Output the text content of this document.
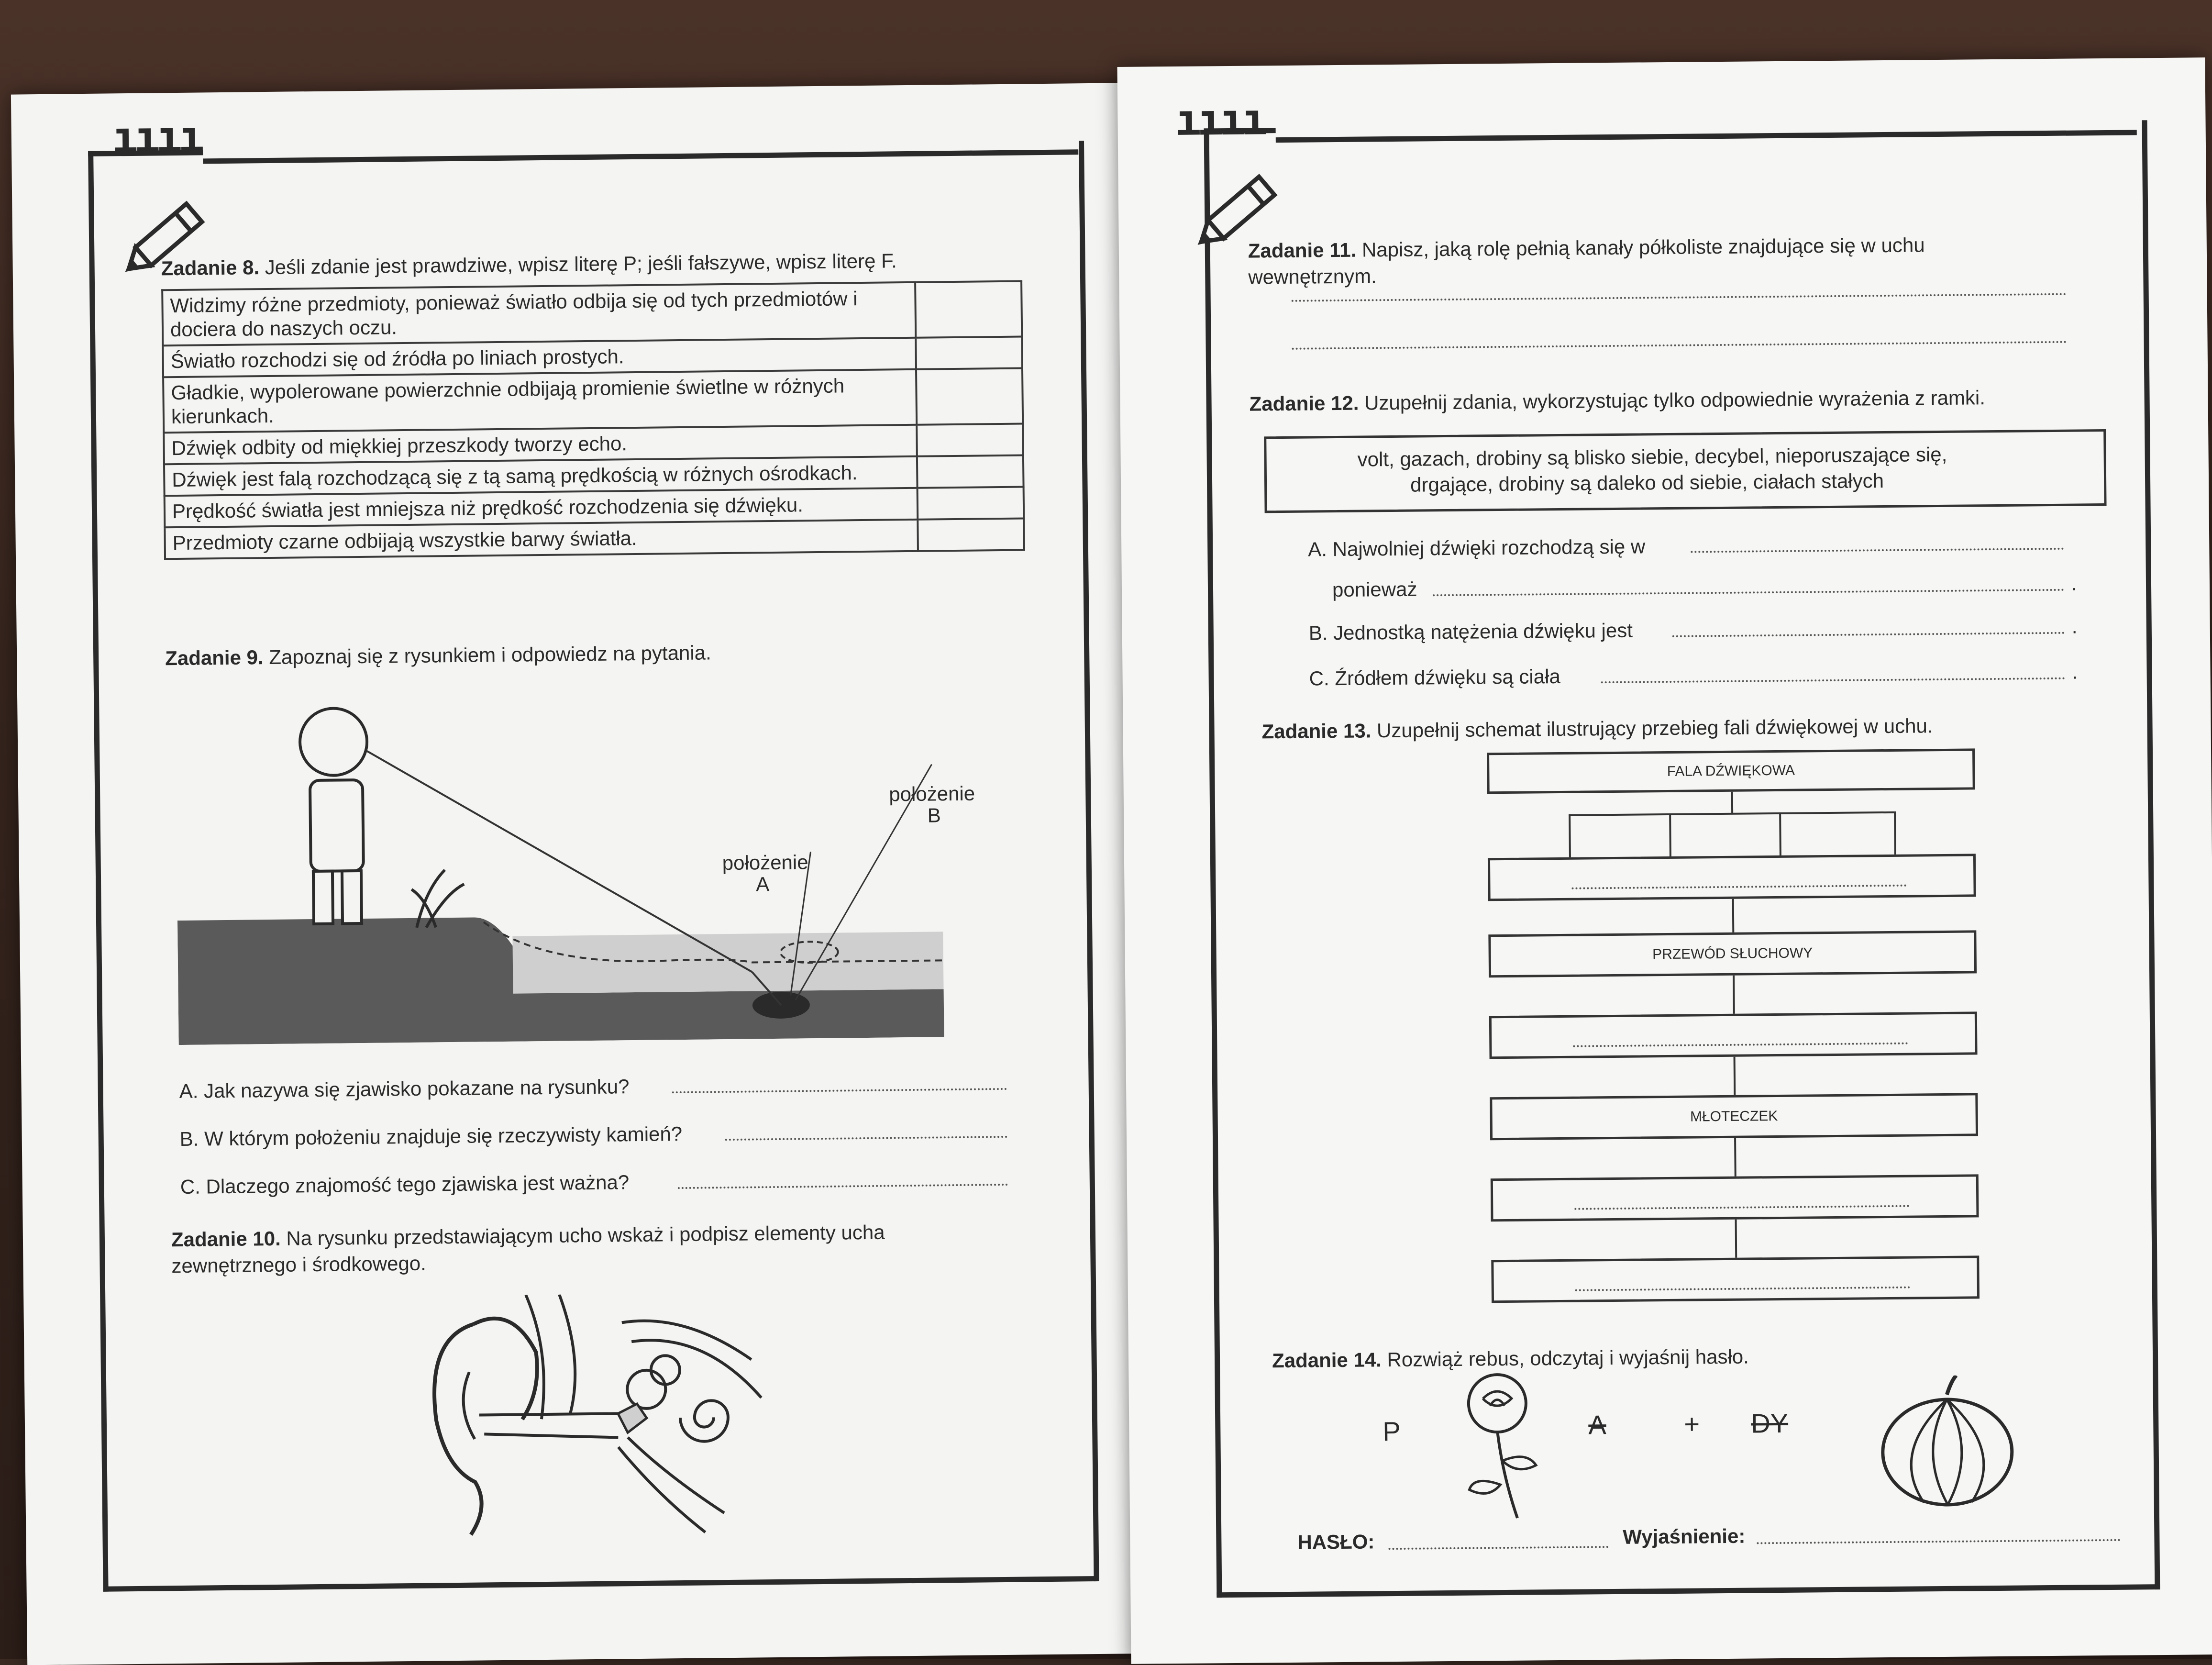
ıııı
Zadanie 8. Jeśli zdanie jest prawdziwe, wpisz literę P; jeśli fałszywe, wpisz literę F.
Widzimy różne przedmioty, ponieważ światło odbija się od tych przedmiotów i dociera do naszych oczu.	
Światło rozchodzi się od źródła po liniach prostych.	
Gładkie, wypolerowane powierzchnie odbijają promienie świetlne w różnych kierunkach.	
Dźwięk odbity od miękkiej przeszkody tworzy echo.	
Dźwięk jest falą rozchodzącą się z tą samą prędkością w różnych ośrodkach.	
Prędkość światła jest mniejsza niż prędkość rozchodzenia się dźwięku.	
Przedmioty czarne odbijają wszystkie barwy światła.	
Zadanie 9. Zapoznaj się z rysunkiem i odpowiedz na pytania.
położenie
B
położenie
A
A. Jak nazywa się zjawisko pokazane na rysunku?
B. W którym położeniu znajduje się rzeczywisty kamień?
C. Dlaczego znajomość tego zjawiska jest ważna?
Zadanie 10. Na rysunku przedstawiającym ucho wskaż i podpisz elementy ucha
zewnętrznego i środkowego.
ıııı
Zadanie 11. Napisz, jaką rolę pełnią kanały półkoliste znajdujące się w uchu
wewnętrznym.
Zadanie 12. Uzupełnij zdania, wykorzystując tylko odpowiednie wyrażenia z ramki.
volt, gazach, drobiny są blisko siebie, decybel, nieporuszające się,
drgające, drobiny są daleko od siebie, ciałach stałych
A. Najwolniej dźwięki rozchodzą się w
ponieważ	.
B. Jednostką natężenia dźwięku jest	.
C. Źródłem dźwięku są ciała	.
Zadanie 13. Uzupełnij schemat ilustrujący przebieg fali dźwiękowej w uchu.
FALA DŹWIĘKOWA
PRZEWÓD SŁUCHOWY
MŁOTECZEK
Zadanie 14. Rozwiąż rebus, odczytaj i wyjaśnij hasło.
P	A	+ DY
HASŁO:	Wyjaśnienie:
